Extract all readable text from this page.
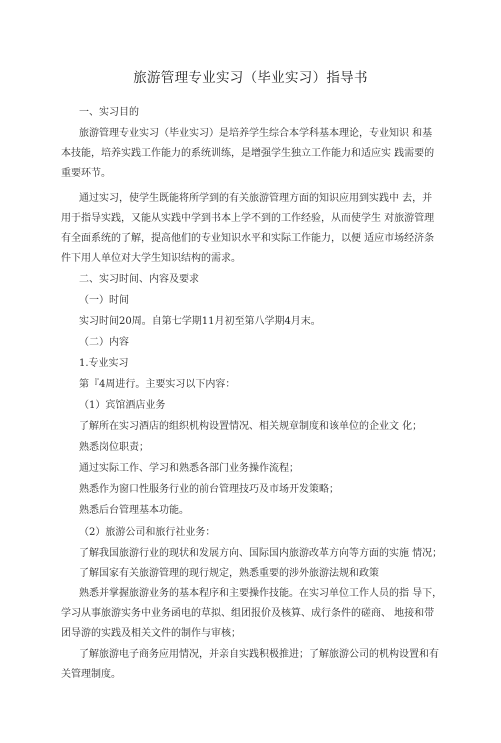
旅游管理专业实习（毕业实习）指导书
一、实习目的
旅游管理专业实习（毕业实习）是培养学生综合本学科基本理论，专业知识 和基
本技能，培养实践工作能力的系统训练，是增强学生独立工作能力和适应实 践需要的
重要环节。
通过实习，使学生既能将所学到的有关旅游管理方面的知识应用到实践中 去，并
用于指导实践，又能从实践中学到书本上学不到的工作经验，从而使学生 对旅游管理
有全面系统的了解，提高他们的专业知识水平和实际工作能力，以便 适应市场经济条
件下用人单位对大学生知识结构的需求。
二、实习时间、内容及要求
（一）时间
实习时间20周。自第七学期11月初至第八学期4月末。
（二）内容
1.专业实习
第『4周进行。主要实习以下内容：
（1）宾馆酒店业务
了解所在实习酒店的组织机构设置情况、相关规章制度和该单位的企业文 化；
熟悉岗位职责；
通过实际工作、学习和熟悉各部门业务操作流程；
熟悉作为窗口性服务行业的前台管理技巧及市场开发策略；
熟悉后台管理基本功能。
（2）旅游公司和旅行社业务：
了解我国旅游行业的现状和发展方向、国际国内旅游改革方向等方面的实施 情况；
了解国家有关旅游管理的现行规定，熟悉重要的涉外旅游法规和政策
熟悉并掌握旅游业务的基本程序和主要操作技能。在实习单位工作人员的指 导下，
学习从事旅游实务中业务函电的草拟、组团报价及核算、成行条件的磋商、 地接和带
团导游的实践及相关文件的制作与审核；
了解旅游电子商务应用情况，并亲自实践积极推进；了解旅游公司的机构设置和有
关管理制度。
